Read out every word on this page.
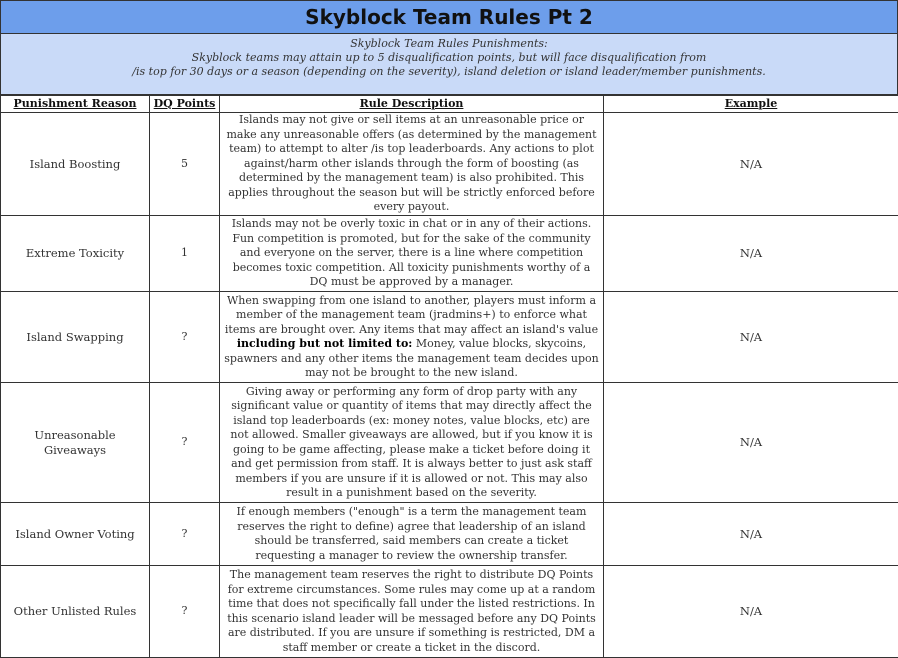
Skyblock Team Rules Pt 2
Skyblock Team Rules Punishments:
Skyblock teams may attain up to 5 disqualification points, but will face disqualification from
/is top for 30 days or a season (depending on the severity), island deletion or island leader/member punishments.
Punishment Reason	DQ Points	Rule Description	Example
Island Boosting	5	Islands may not give or sell items at an unreasonable price or make any unreasonable offers (as determined by the management team) to attempt to alter /is top leaderboards. Any actions to plot against/harm other islands through the form of boosting (as determined by the management team) is also prohibited. This applies throughout the season but will be strictly enforced before every payout.	N/A
Extreme Toxicity	1	Islands may not be overly toxic in chat or in any of their actions. Fun competition is promoted, but for the sake of the community and everyone on the server, there is a line where competition becomes toxic competition. All toxicity punishments worthy of a DQ must be approved by a manager.	N/A
Island Swapping	?	When swapping from one island to another, players must inform a member of the management team (jradmins+) to enforce what items are brought over. Any items that may affect an island's value including but not limited to: Money, value blocks, skycoins, spawners and any other items the management team decides upon may not be brought to the new island.	N/A
Unreasonable Giveaways	?	Giving away or performing any form of drop party with any significant value or quantity of items that may directly affect the island top leaderboards (ex: money notes, value blocks, etc) are not allowed. Smaller giveaways are allowed, but if you know it is going to be game affecting, please make a ticket before doing it and get permission from staff. It is always better to just ask staff members if you are unsure if it is allowed or not. This may also result in a punishment based on the severity.	N/A
Island Owner Voting	?	If enough members ("enough" is a term the management team reserves the right to define) agree that leadership of an island should be transferred, said members can create a ticket requesting a manager to review the ownership transfer.	N/A
Other Unlisted Rules	?	The management team reserves the right to distribute DQ Points for extreme circumstances. Some rules may come up at a random time that does not specifically fall under the listed restrictions. In this scenario island leader will be messaged before any DQ Points are distributed. If you are unsure if something is restricted, DM a staff member or create a ticket in the discord.	N/A
